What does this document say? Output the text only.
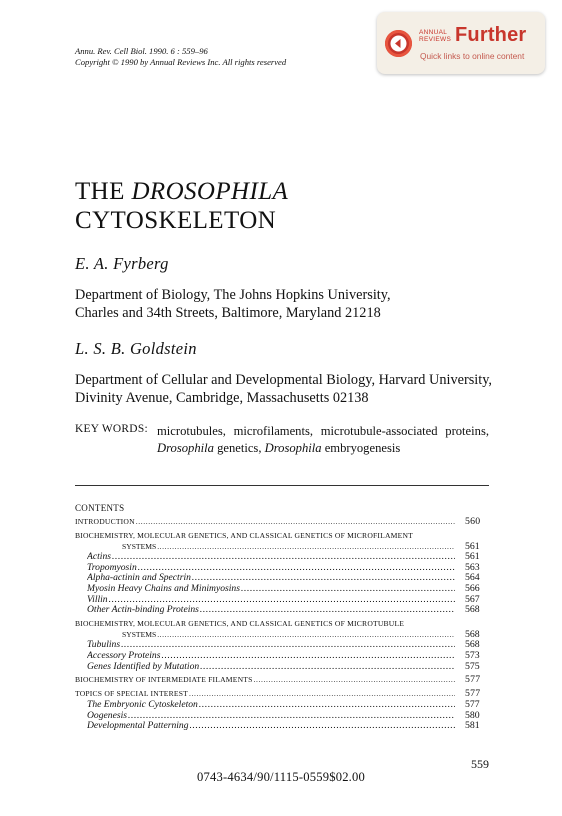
Annu. Rev. Cell Biol. 1990. 6 : 559–96
Copyright © 1990 by Annual Reviews Inc. All rights reserved
ANNUAL
REVIEWS Further
Quick links to online content
THE DROSOPHILA
CYTOSKELETON
E. A. Fyrberg
Department of Biology, The Johns Hopkins University,
Charles and 34th Streets, Baltimore, Maryland 21218
L. S. B. Goldstein
Department of Cellular and Developmental Biology, Harvard University,
Divinity Avenue, Cambridge, Massachusetts 02138
KEY WORDS: microtubules, microfilaments, microtubule-associated proteins,
Drosophila genetics, Drosophila embryogenesis
CONTENTS
INTRODUCTION .....	560
BIOCHEMISTRY, MOLECULAR GENETICS, AND CLASSICAL GENETICS OF MICROFILAMENT
SYSTEMS .....	561
Actins .....	561
Tropomyosin .....	563
Alpha-actinin and Spectrin .....	564
Myosin Heavy Chains and Minimyosins .....	566
Villin .....	567
Other Actin-binding Proteins .....	568
BIOCHEMISTRY, MOLECULAR GENETICS, AND CLASSICAL GENETICS OF MICROTUBULE
SYSTEMS .....	568
Tubulins .....	568
Accessory Proteins .....	573
Genes Identified by Mutation .....	575
BIOCHEMISTRY OF INTERMEDIATE FILAMENTS .....	577
TOPICS OF SPECIAL INTEREST .....	577
The Embryonic Cytoskeleton .....	577
Oogenesis .....	580
Developmental Patterning .....	581
559
0743-4634/90/1115-0559$02.00
